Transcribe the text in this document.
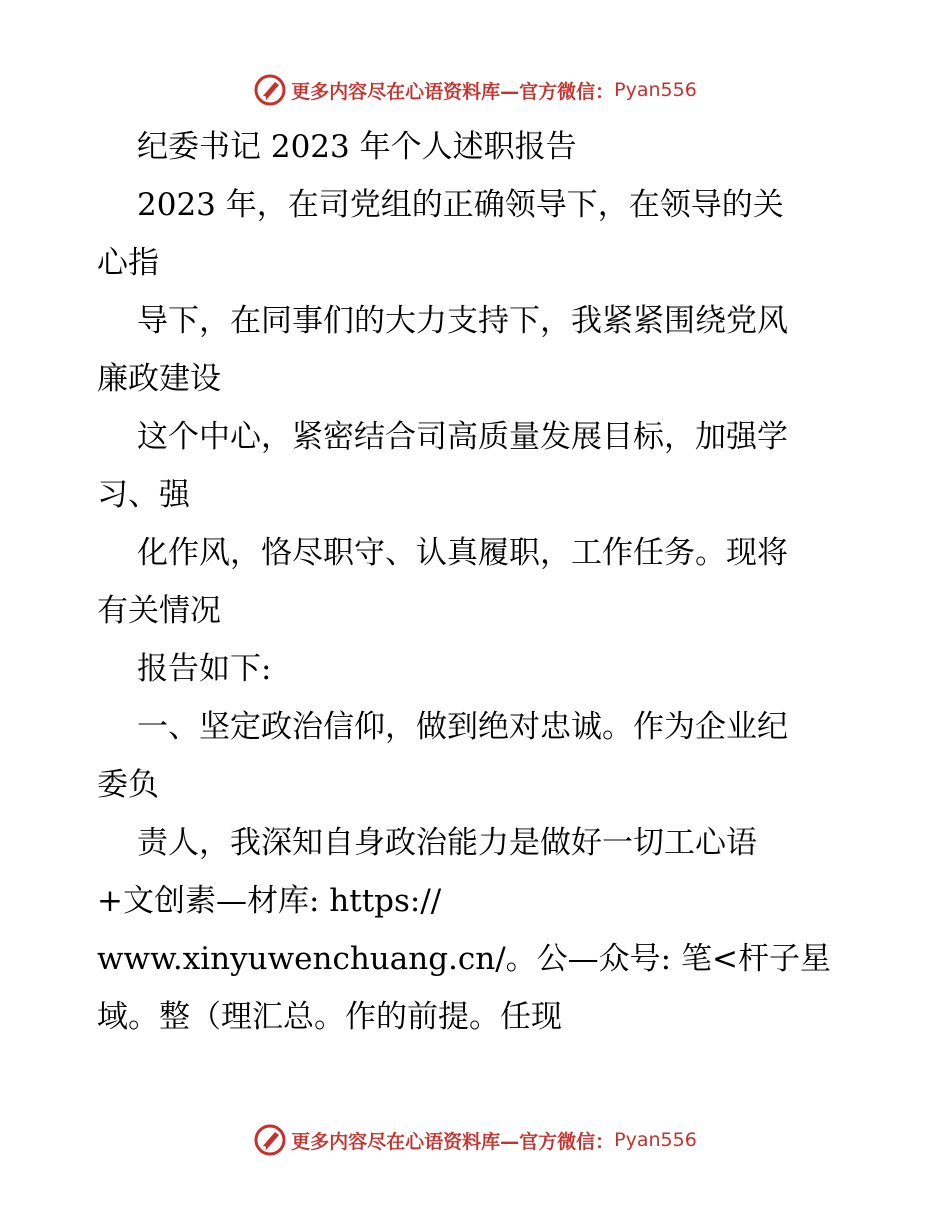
更多内容尽在心语资料库—官方微信： Pyan556
纪委书记 2023 年个人述职报告
2023 年，在司党组的正确领导下，在领导的关
心指
导下，在同事们的大力支持下，我紧紧围绕党风
廉政建设
这个中心，紧密结合司高质量发展目标，加强学
习、强
化作风，恪尽职守、认真履职，工作任务。现将
有关情况
报告如下:
一、坚定政治信仰，做到绝对忠诚。作为企业纪
委负
责人，我深知自身政治能力是做好一切工心语
+文创素—材库: https://
www.xinyuwenchuang.cn/。公—众号: 笔<杆子星
域。整（理汇总。作的前提。任现
更多内容尽在心语资料库—官方微信： Pyan556
